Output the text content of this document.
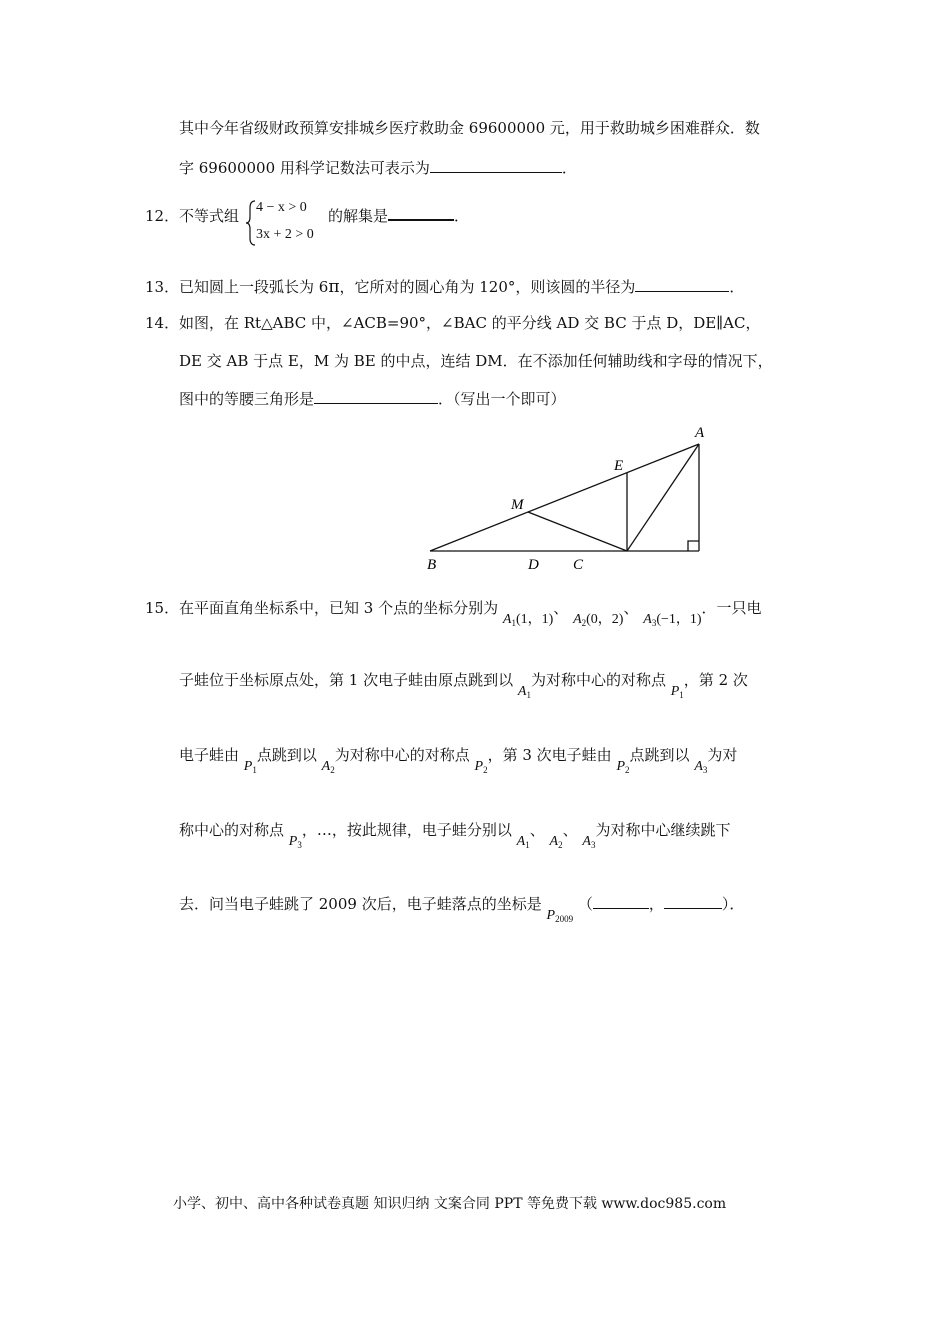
其中今年省级财政预算安排城乡医疗救助金 69600000 元，用于救助城乡困难群众．数
字 69600000 用科学记数法可表示为	．
12． 不等式组 4 − x > 0
3x + 2 > 0
的解集是	．
13． 已知圆上一段弧长为 6π，它所对的圆心角为 120°，则该圆的半径为	．
14． 如图，在 Rt△ABC 中，∠ACB=90°，∠BAC 的平分线 AD 交 BC 于点 D，DE∥AC，
DE 交 AB 于点 E，M 为 BE 的中点，连结 DM．在不添加任何辅助线和字母的情况下，
图中的等腰三角形是	．（写出一个即可）
A
E
M
B	D C
15． 在平面直角坐标系中，已知 3 个点的坐标分别为 $A_1(1$，1)、 $A_2(0$，2)、 $A_3(-1$，1)．一只电
子蛙位于坐标原点处，第 1 次电子蛙由原点跳到以 $A_1$为对称中心的对称点 $P_1$，第 2 次
电子蛙由 $P_1$点跳到以 $A_2$为对称中心的对称点 $P_2$，第 3 次电子蛙由 $P_2$点跳到以 $A_3$为对
称中心的对称点 $P_3$，…，按此规律，电子蛙分别以 $A_1$、 $A_2$、 $A_3$为对称中心继续跳下
去．问当电子蛙跳了 2009 次后，电子蛙落点的坐标是 $P_{2009}$ （	，	）．
小学、初中、高中各种试卷真题 知识归纳 文案合同 PPT 等免费下载 www.doc985.com
